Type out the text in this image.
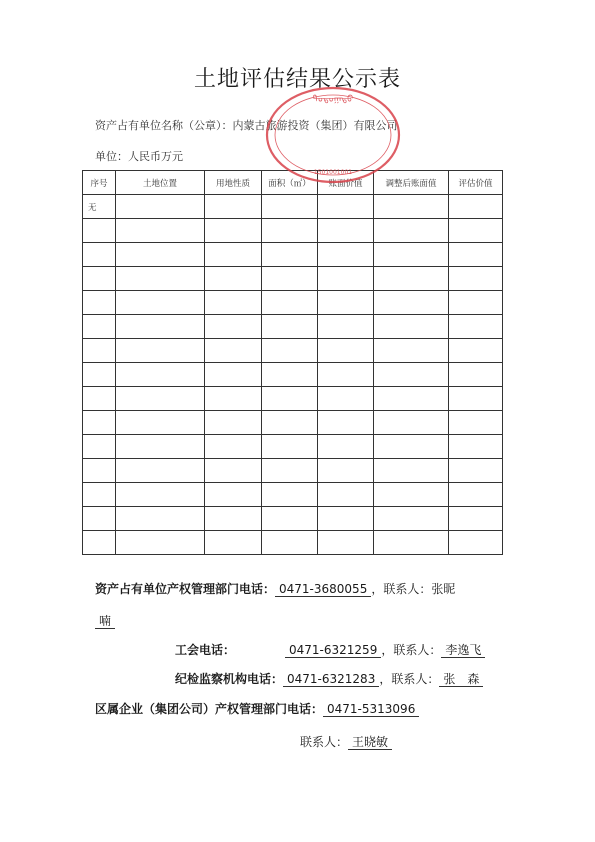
土地评估结果公示表
资产占有单位名称（公章）：内蒙古旅游投资（集团）有限公司
单位：人民币万元
序号	土地位置	用地性质	面积（㎡）	账面价值	调整后账面值	评估价值
无						

ᠳᠣᠲᠣᠭᠠᠳᠤ
1501001001
资产占有单位产权管理部门电话： 0471-3680055 ，联系人：张昵
喃
工会电话：	0471-6321259 ，联系人： 李逸飞
纪检监察机构电话： 0471-6321283 ，联系人： 张　森
区属企业（集团公司）产权管理部门电话： 0471-5313096
联系人： 王晓敏
